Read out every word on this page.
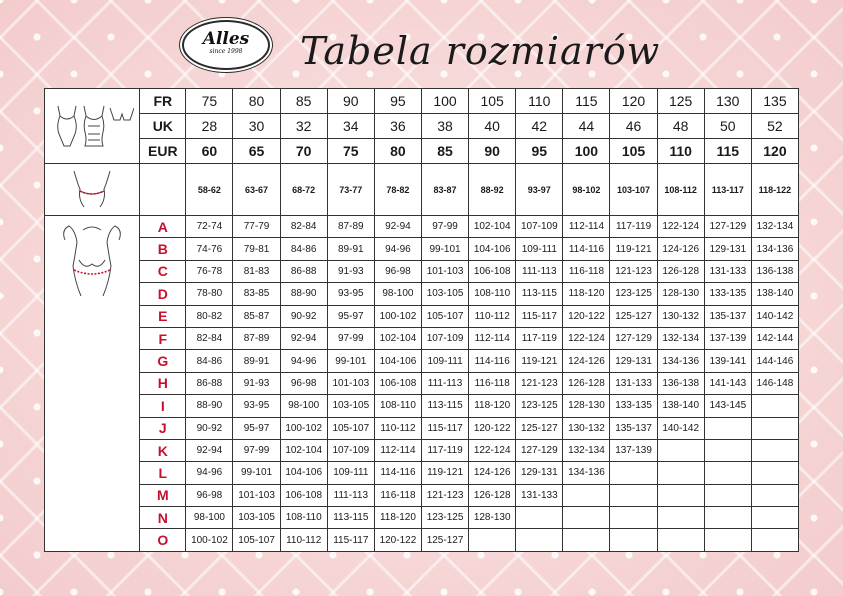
Alles
since 1998	Tabela rozmiarów
	FR	75	80	85	90	95	100	105	110	115	120	125	130	135
	UK	28	30	32	34	36	38	40	42	44	46	48	50	52
	EUR	60	65	70	75	80	85	90	95	100	105	110	115	120

		58-62	63-67	68-72	73-77	78-82	83-87	88-92	93-97	98-102	103-107	108-112	113-117	118-122

	A	72-74	77-79	82-84	87-89	92-94	97-99	102-104	107-109	112-114	117-119	122-124	127-129	132-134
	B	74-76	79-81	84-86	89-91	94-96	99-101	104-106	109-111	114-116	119-121	124-126	129-131	134-136
	C	76-78	81-83	86-88	91-93	96-98	101-103	106-108	111-113	116-118	121-123	126-128	131-133	136-138
	D	78-80	83-85	88-90	93-95	98-100	103-105	108-110	113-115	118-120	123-125	128-130	133-135	138-140
	E	80-82	85-87	90-92	95-97	100-102	105-107	110-112	115-117	120-122	125-127	130-132	135-137	140-142
	F	82-84	87-89	92-94	97-99	102-104	107-109	112-114	117-119	122-124	127-129	132-134	137-139	142-144
	G	84-86	89-91	94-96	99-101	104-106	109-111	114-116	119-121	124-126	129-131	134-136	139-141	144-146
	H	86-88	91-93	96-98	101-103	106-108	111-113	116-118	121-123	126-128	131-133	136-138	141-143	146-148
	I	88-90	93-95	98-100	103-105	108-110	113-115	118-120	123-125	128-130	133-135	138-140	143-145	
	J	90-92	95-97	100-102	105-107	110-112	115-117	120-122	125-127	130-132	135-137	140-142		
	K	92-94	97-99	102-104	107-109	112-114	117-119	122-124	127-129	132-134	137-139			
	L	94-96	99-101	104-106	109-111	114-116	119-121	124-126	129-131	134-136				
	M	96-98	101-103	106-108	111-113	116-118	121-123	126-128	131-133					
	N	98-100	103-105	108-110	113-115	118-120	123-125	128-130						
	O	100-102	105-107	110-112	115-117	120-122	125-127							
